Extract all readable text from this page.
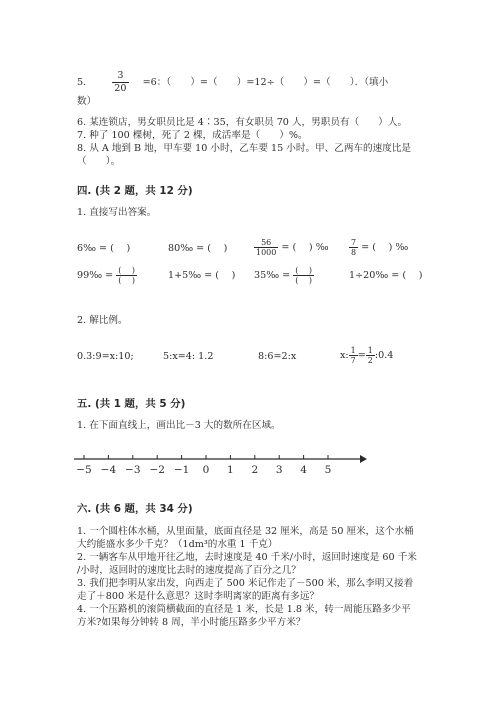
5.	$\frac{3}{20} =6$：（　　）=（　　）=12÷（　　）=（　　）．（填小
数）
6. 某连锁店，男女职员比是 4∶35，有女职员 70 人，男职员有（　　）人。
7. 种了 100 棵树，死了 2 棵，成活率是（　　）%。
8. 从 A 地到 B 地，甲车要 10 小时，乙车要 15 小时。甲、乙两车的速度比是
（　　）。
四. (共 2 题，共 12 分)
1. 直接写出答案。
6‰ = (　 )	80‰ = (　 )	$\frac{56}{1000}$ = (　 ) ‰	$\frac{7}{8}$ = (　 ) ‰
99‰ = $\frac{( )}{( )}$	1+5‰ = (　 ) 35‰ = $\frac{( )}{( )}$	1÷20‰ = (　 )
2. 解比例。
0.3:9=x:10;	5:x=4: 1.2	8:6=2:x	x: $\frac{1}{7} = \frac{1}{2}$ :0.4
五. (共 1 题，共 5 分)
1. 在下面直线上，画出比－3 大的数所在区域。
−5 −4 −3 −2 −1 0 1 2 3 4 5
六. (共 6 题，共 34 分)
1. 一个圆柱体水桶，从里面量，底面直径是 32 厘米，高是 50 厘米，这个水桶
大约能盛水多少千克？（1dm³的水重 1 千克）
2. 一辆客车从甲地开往乙地，去时速度是 40 千米/小时，返回时速度是 60 千米
/小时，返回时的速度比去时的速度提高了百分之几？
3. 我们把李明从家出发，向西走了 500 米记作走了－500 米，那么李明又接着
走了＋800 米是什么意思？这时李明离家的距离有多远？
4. 一个压路机的滚筒横截面的直径是 1 米，长是 1.8 米，转一周能压路多少平
方米?如果每分钟转 8 周，半小时能压路多少平方米？
